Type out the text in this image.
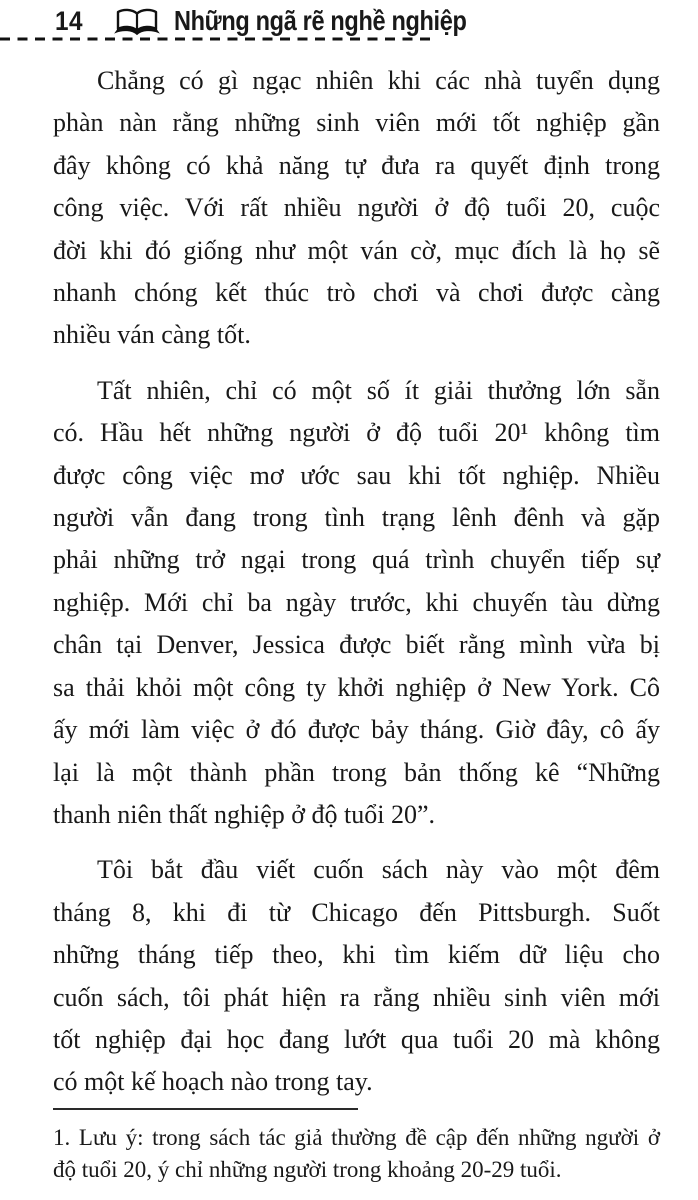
14	Những ngã rẽ nghề nghiệp
Chẳng có gì ngạc nhiên khi các nhà tuyển dụng
phàn nàn rằng những sinh viên mới tốt nghiệp gần
đây không có khả năng tự đưa ra quyết định trong
công việc. Với rất nhiều người ở độ tuổi 20, cuộc
đời khi đó giống như một ván cờ, mục đích là họ sẽ
nhanh chóng kết thúc trò chơi và chơi được càng
nhiều ván càng tốt.
Tất nhiên, chỉ có một số ít giải thưởng lớn sẵn
có. Hầu hết những người ở độ tuổi 20¹ không tìm
được công việc mơ ước sau khi tốt nghiệp. Nhiều
người vẫn đang trong tình trạng lênh đênh và gặp
phải những trở ngại trong quá trình chuyển tiếp sự
nghiệp. Mới chỉ ba ngày trước, khi chuyến tàu dừng
chân tại Denver, Jessica được biết rằng mình vừa bị
sa thải khỏi một công ty khởi nghiệp ở New York. Cô
ấy mới làm việc ở đó được bảy tháng. Giờ đây, cô ấy
lại là một thành phần trong bản thống kê “Những
thanh niên thất nghiệp ở độ tuổi 20”.
Tôi bắt đầu viết cuốn sách này vào một đêm
tháng 8, khi đi từ Chicago đến Pittsburgh. Suốt
những tháng tiếp theo, khi tìm kiếm dữ liệu cho
cuốn sách, tôi phát hiện ra rằng nhiều sinh viên mới
tốt nghiệp đại học đang lướt qua tuổi 20 mà không
có một kế hoạch nào trong tay.
1. Lưu ý: trong sách tác giả thường đề cập đến những người ở
độ tuổi 20, ý chỉ những người trong khoảng 20-29 tuổi.
